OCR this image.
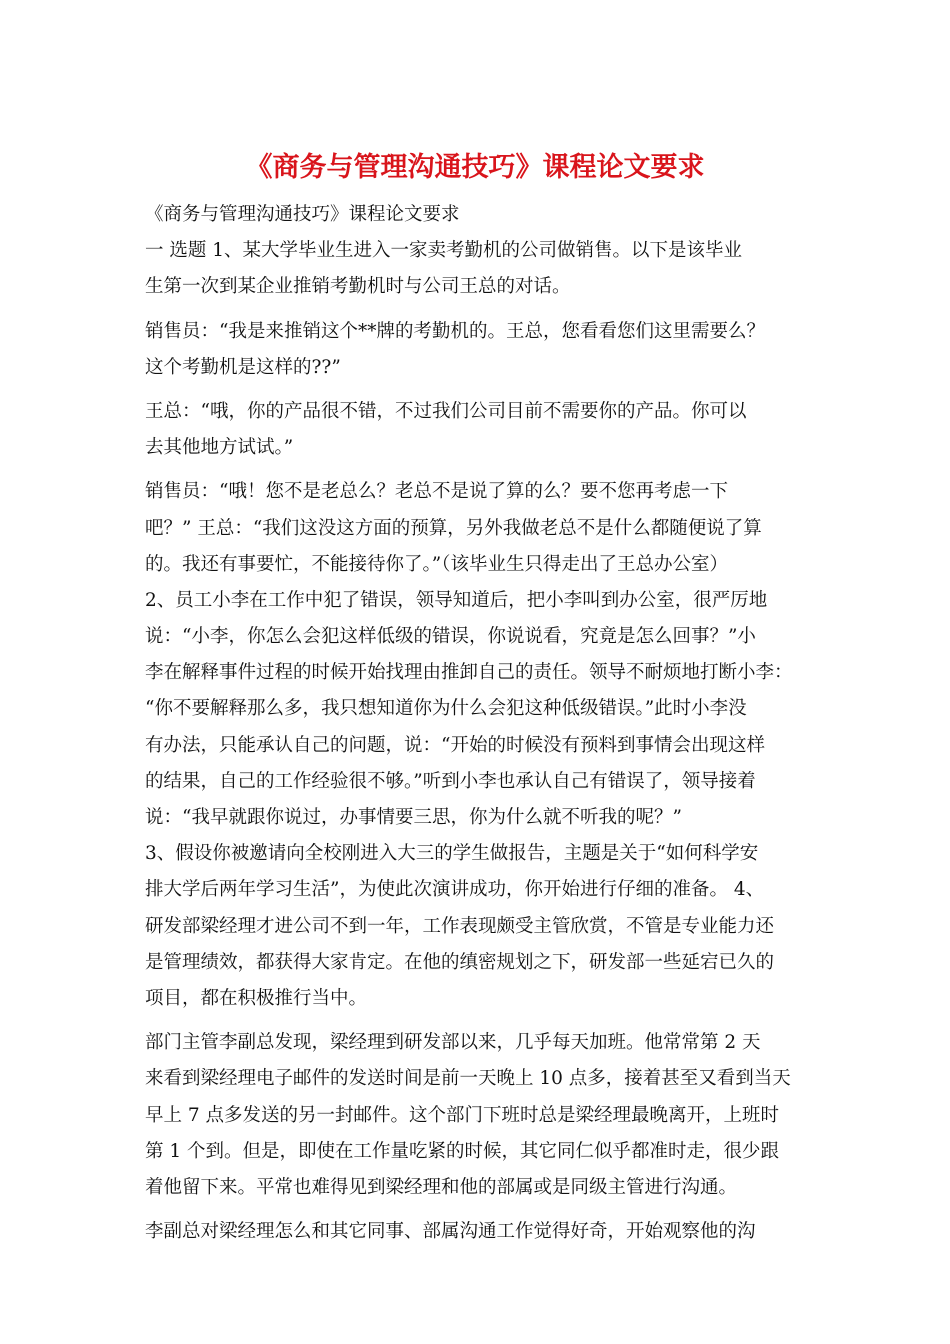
《商务与管理沟通技巧》课程论文要求
《商务与管理沟通技巧》课程论文要求
一 选题 1、某大学毕业生进入一家卖考勤机的公司做销售。以下是该毕业
生第一次到某企业推销考勤机时与公司王总的对话。
销售员：“我是来推销这个**牌的考勤机的。王总，您看看您们这里需要么？
这个考勤机是这样的??”
王总：“哦，你的产品很不错，不过我们公司目前不需要你的产品。你可以
去其他地方试试。”
销售员：“哦！您不是老总么？老总不是说了算的么？要不您再考虑一下
吧？” 王总：“我们这没这方面的预算，另外我做老总不是什么都随便说了算
的。我还有事要忙，不能接待你了。”（该毕业生只得走出了王总办公室）
2、员工小李在工作中犯了错误，领导知道后，把小李叫到办公室，很严厉地
说：“小李，你怎么会犯这样低级的错误，你说说看，究竟是怎么回事？”小
李在解释事件过程的时候开始找理由推卸自己的责任。领导不耐烦地打断小李：
“你不要解释那么多，我只想知道你为什么会犯这种低级错误。”此时小李没
有办法，只能承认自己的问题，说：“开始的时候没有预料到事情会出现这样
的结果，自己的工作经验很不够。”听到小李也承认自己有错误了，领导接着
说：“我早就跟你说过，办事情要三思，你为什么就不听我的呢？”
3、假设你被邀请向全校刚进入大三的学生做报告，主题是关于“如何科学安
排大学后两年学习生活”，为使此次演讲成功，你开始进行仔细的准备。 4、
研发部梁经理才进公司不到一年，工作表现颇受主管欣赏，不管是专业能力还
是管理绩效，都获得大家肯定。在他的缜密规划之下，研发部一些延宕已久的
项目，都在积极推行当中。
部门主管李副总发现，梁经理到研发部以来，几乎每天加班。他常常第 2 天
来看到梁经理电子邮件的发送时间是前一天晚上 10 点多，接着甚至又看到当天
早上 7 点多发送的另一封邮件。这个部门下班时总是梁经理最晚离开，上班时
第 1 个到。但是，即使在工作量吃紧的时候，其它同仁似乎都准时走，很少跟
着他留下来。平常也难得见到梁经理和他的部属或是同级主管进行沟通。
李副总对梁经理怎么和其它同事、部属沟通工作觉得好奇，开始观察他的沟
